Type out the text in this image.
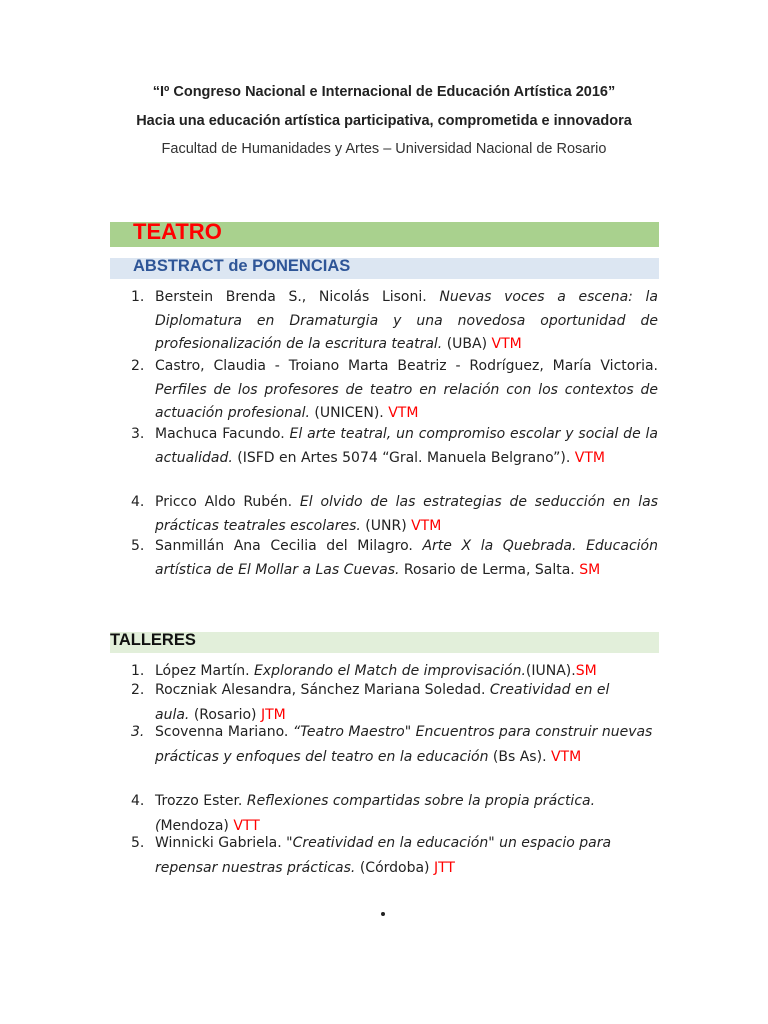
“Iº Congreso Nacional e Internacional de Educación Artística 2016”
Hacia una educación artística participativa, comprometida e innovadora
Facultad de Humanidades y Artes – Universidad Nacional de Rosario
TEATRO
ABSTRACT de PONENCIAS
1. Berstein Brenda S., Nicolás Lisoni. Nuevas voces a escena: la Diplomatura en Dramaturgia y una novedosa oportunidad de profesionalización de la escritura teatral. (UBA) VTM
2. Castro, Claudia - Troiano Marta Beatriz - Rodríguez, María Victoria. Perfiles de los profesores de teatro en relación con los contextos de actuación profesional. (UNICEN). VTM
3. Machuca Facundo. El arte teatral, un compromiso escolar y social de la actualidad. (ISFD en Artes 5074 “Gral. Manuela Belgrano”). VTM
4. Pricco Aldo Rubén. El olvido de las estrategias de seducción en las prácticas teatrales escolares. (UNR) VTM
5. Sanmillán Ana Cecilia del Milagro. Arte X la Quebrada. Educación artística de El Mollar a Las Cuevas. Rosario de Lerma, Salta. SM
TALLERES
1. López Martín. Explorando el Match de improvisación.(IUNA).SM
2. Roczniak Alesandra, Sánchez Mariana Soledad. Creatividad en el aula. (Rosario) JTM
3. Scovenna Mariano. “Teatro Maestro" Encuentros para construir nuevas prácticas y enfoques del teatro en la educación (Bs As). VTM
4. Trozzo Ester. Reflexiones compartidas sobre la propia práctica. (Mendoza) VTT
5. Winnicki Gabriela. "Creatividad en la educación" un espacio para repensar nuestras prácticas. (Córdoba) JTT
